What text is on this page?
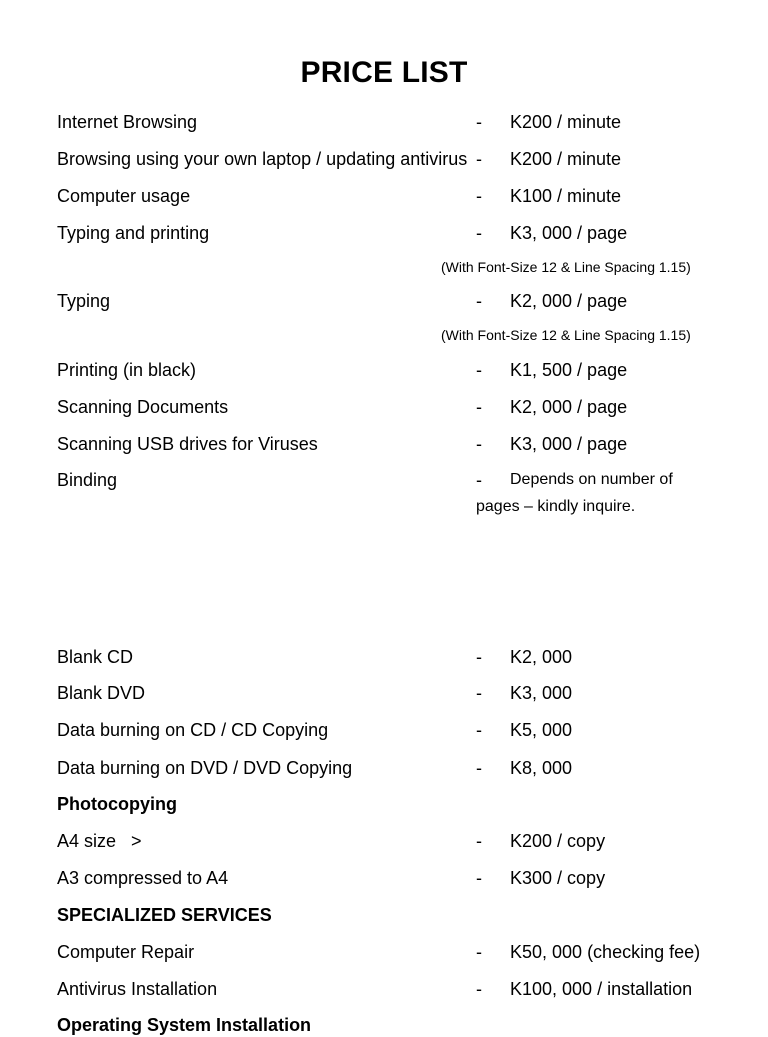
PRICE LIST
Internet Browsing	- K200 / minute
Browsing using your own laptop / updating antivirus - K200 / minute
Computer usage	- K100 / minute
Typing and printing	- K3, 000 / page
(With Font-Size 12 & Line Spacing 1.15)
Typing	- K2, 000 / page
(With Font-Size 12 & Line Spacing 1.15)
Printing (in black)	- K1, 500 / page
Scanning Documents	- K2, 000 / page
Scanning USB drives for Viruses	- K3, 000 / page
Binding	- Depends on number of
pages – kindly inquire.
Blank CD	- K2, 000
Blank DVD	- K3, 000
Data burning on CD / CD Copying	- K5, 000
Data burning on DVD / DVD Copying	- K8, 000
Photocopying
A4 size   >	- K200 / copy
A3 compressed to A4	- K300 / copy
SPECIALIZED SERVICES
Computer Repair	- K50, 000 (checking fee)
Antivirus Installation	- K100, 000 / installation
Operating System Installation
